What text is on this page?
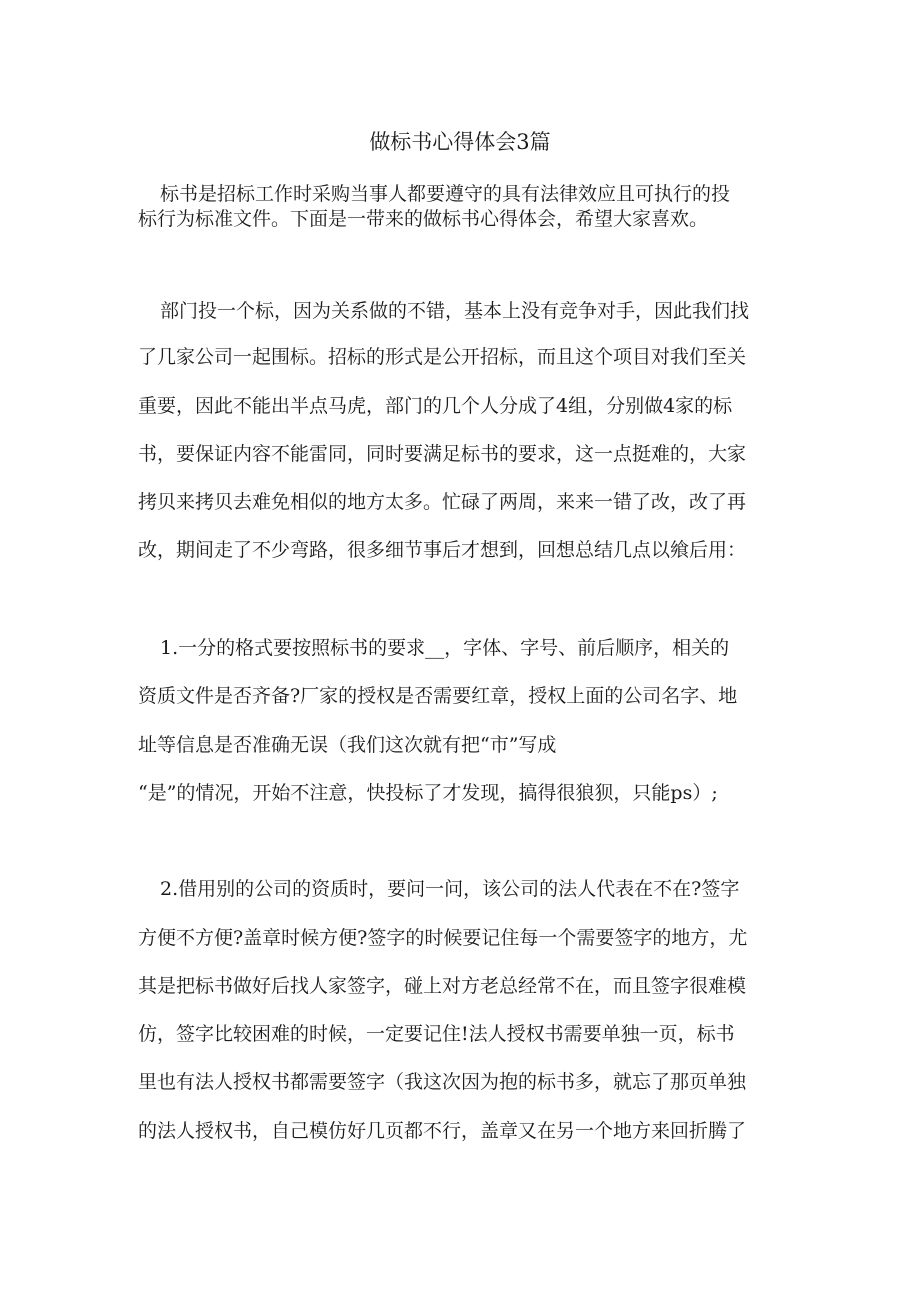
做标书心得体会3篇
标书是招标工作时采购当事人都要遵守的具有法律效应且可执行的投
标行为标准文件。下面是一带来的做标书心得体会，希望大家喜欢。
部门投一个标，因为关系做的不错，基本上没有竞争对手，因此我们找
了几家公司一起围标。招标的形式是公开招标，而且这个项目对我们至关
重要，因此不能出半点马虎，部门的几个人分成了4组，分别做4家的标
书，要保证内容不能雷同，同时要满足标书的要求，这一点挺难的，大家
拷贝来拷贝去难免相似的地方太多。忙碌了两周，来来一错了改，改了再
改，期间走了不少弯路，很多细节事后才想到，回想总结几点以飨后用：
1.一分的格式要按照标书的要求__，字体、字号、前后顺序，相关的
资质文件是否齐备?厂家的授权是否需要红章，授权上面的公司名字、地
址等信息是否准确无误（我们这次就有把“市”写成
“是”的情况，开始不注意，快投标了才发现，搞得很狼狈，只能ps）;
2.借用别的公司的资质时，要问一问，该公司的法人代表在不在?签字
方便不方便?盖章时候方便?签字的时候要记住每一个需要签字的地方，尤
其是把标书做好后找人家签字，碰上对方老总经常不在，而且签字很难模
仿，签字比较困难的时候，一定要记住!法人授权书需要单独一页，标书
里也有法人授权书都需要签字（我这次因为抱的标书多，就忘了那页单独
的法人授权书，自己模仿好几页都不行，盖章又在另一个地方来回折腾了
